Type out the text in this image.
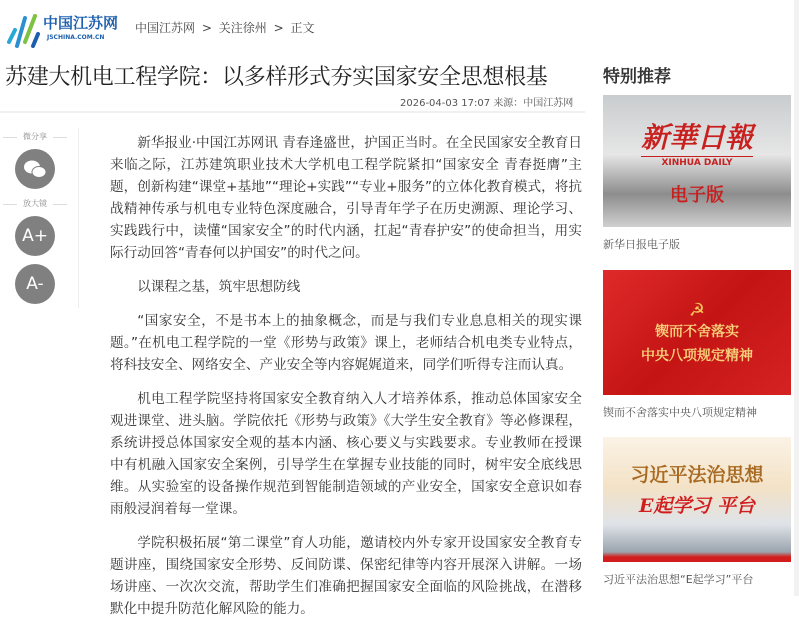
中国江苏网
JSCHINA.COM.CN
中国江苏网 > 关注徐州 > 正文
苏建大机电工程学院：以多样形式夯实国家安全思想根基
2026-04-03 17:07 来源：中国江苏网
微分享
放大镜
A+
A-

新华报业·中国江苏网讯 青春逢盛世，护国正当时。在全民国家安全教育日来临之际，江苏建筑职业技术大学机电工程学院紧扣“国家安全 青春挺膺”主题，创新构建“课堂+基地”“理论+实践”“专业+服务”的立体化教育模式，将抗战精神传承与机电专业特色深度融合，引导青年学子在历史溯源、理论学习、实践践行中，读懂“国家安全”的时代内涵，扛起“青春护安”的使命担当，用实际行动回答“青春何以护国安”的时代之问。

以课程之基，筑牢思想防线

“国家安全，不是书本上的抽象概念，而是与我们专业息息相关的现实课题。”在机电工程学院的一堂《形势与政策》课上，老师结合机电类专业特点，将科技安全、网络安全、产业安全等内容娓娓道来，同学们听得专注而认真。

机电工程学院坚持将国家安全教育纳入人才培养体系，推动总体国家安全观进课堂、进头脑。学院依托《形势与政策》《大学生安全教育》等必修课程，系统讲授总体国家安全观的基本内涵、核心要义与实践要求。专业教师在授课中有机融入国家安全案例，引导学生在掌握专业技能的同时，树牢安全底线思维。从实验室的设备操作规范到智能制造领域的产业安全，国家安全意识如春雨般浸润着每一堂课。

学院积极拓展“第二课堂”育人功能，邀请校内外专家开设国家安全教育专题讲座，围绕国家安全形势、反间防谍、保密纪律等内容开展深入讲解。一场场讲座、一次次交流，帮助学生们准确把握国家安全面临的风险挑战，在潜移默化中提升防范化解风险的能力。

特别推荐
新華日報
XINHUA DAILY
电子版
新华日报电子版
☭
锲而不舍落实
中央八项规定精神
锲而不舍落实中央八项规定精神
习近平法治思想
E起学习 平台
习近平法治思想“E起学习”平台
